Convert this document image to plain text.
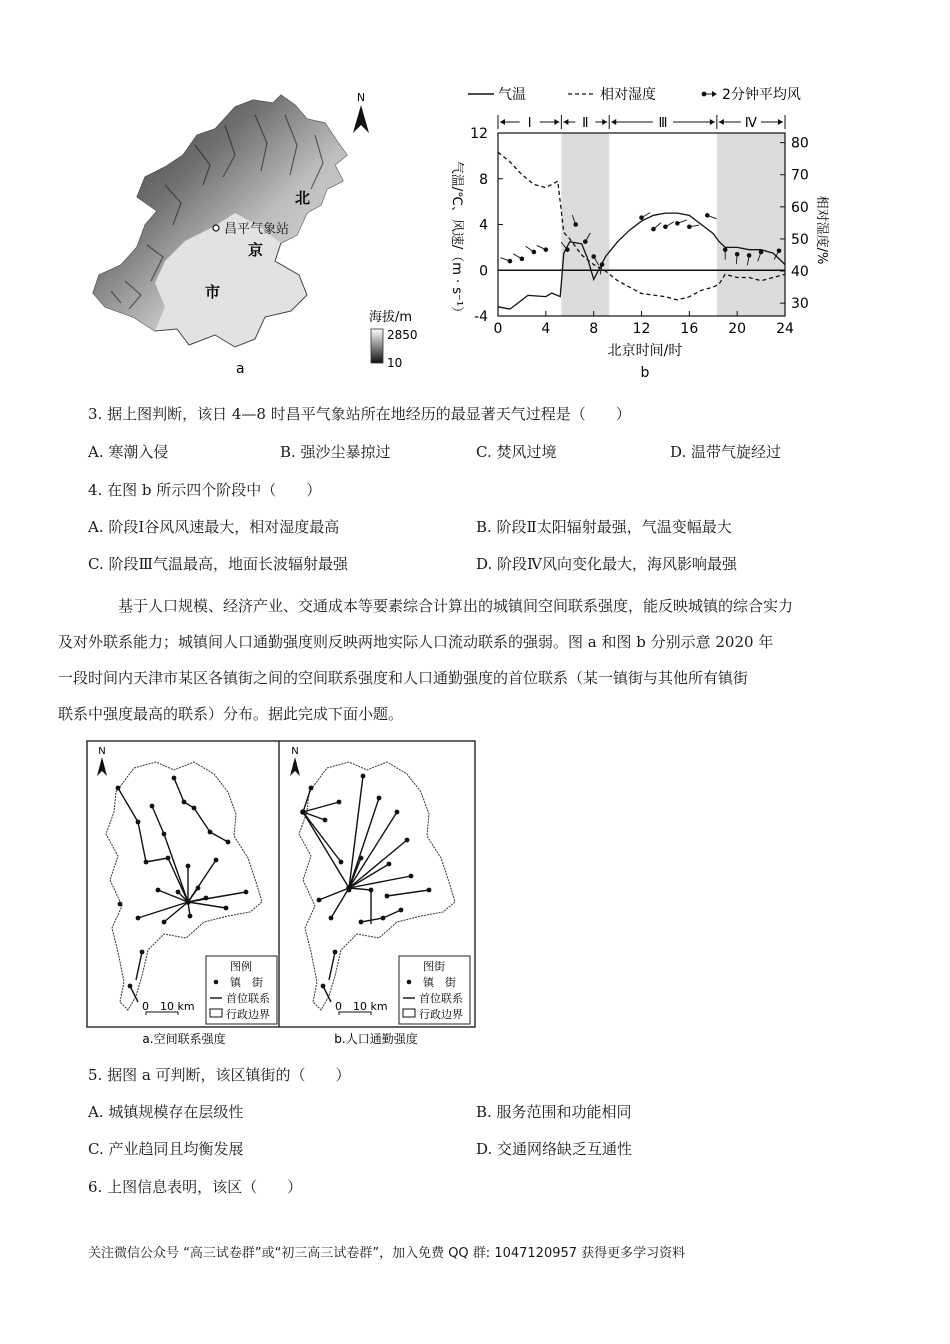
N
昌平气象站
北
京
市
海拔/m
2850
10
a
气温	相对湿度	2分钟平均风
Ⅰ	Ⅱ	Ⅲ	Ⅳ
12
8
4
0
-4
80
70
60
50
40
30
0	4	8 12 16 20 24
气温/℃、风速/（m · s⁻¹）	相对湿度/%
北京时间/时
b
3. 据上图判断，该日 4—8 时昌平气象站所在地经历的最显著天气过程是（　　）
A. 寒潮入侵	B. 强沙尘暴掠过	C. 焚风过境	D. 温带气旋经过
4. 在图 b 所示四个阶段中（　　）
A. 阶段Ⅰ谷风风速最大，相对湿度最高	B. 阶段Ⅱ太阳辐射最强，气温变幅最大
C. 阶段Ⅲ气温最高，地面长波辐射最强	D. 阶段Ⅳ风向变化最大，海风影响最强
基于人口规模、经济产业、交通成本等要素综合计算出的城镇间空间联系强度，能反映城镇的综合实力
及对外联系能力；城镇间人口通勤强度则反映两地实际人口流动联系的强弱。图 a 和图 b 分别示意 2020 年
一段时间内天津市某区各镇街之间的空间联系强度和人口通勤强度的首位联系（某一镇街与其他所有镇街
联系中强度最高的联系）分布。据此完成下面小题。
N
0　10 km
图例
镇　街
首位联系
行政边界
N
0　10 km
图街
镇　街
首位联系
行政边界
a.空间联系强度	b.人口通勤强度
5. 据图 a 可判断，该区镇街的（　　）
A. 城镇规模存在层级性	B. 服务范围和功能相同
C. 产业趋同且均衡发展	D. 交通网络缺乏互通性
6. 上图信息表明，该区（　　）
关注微信公众号 “高三试卷群”或“初三高三试卷群”，加入免费 QQ 群: 1047120957 获得更多学习资料
